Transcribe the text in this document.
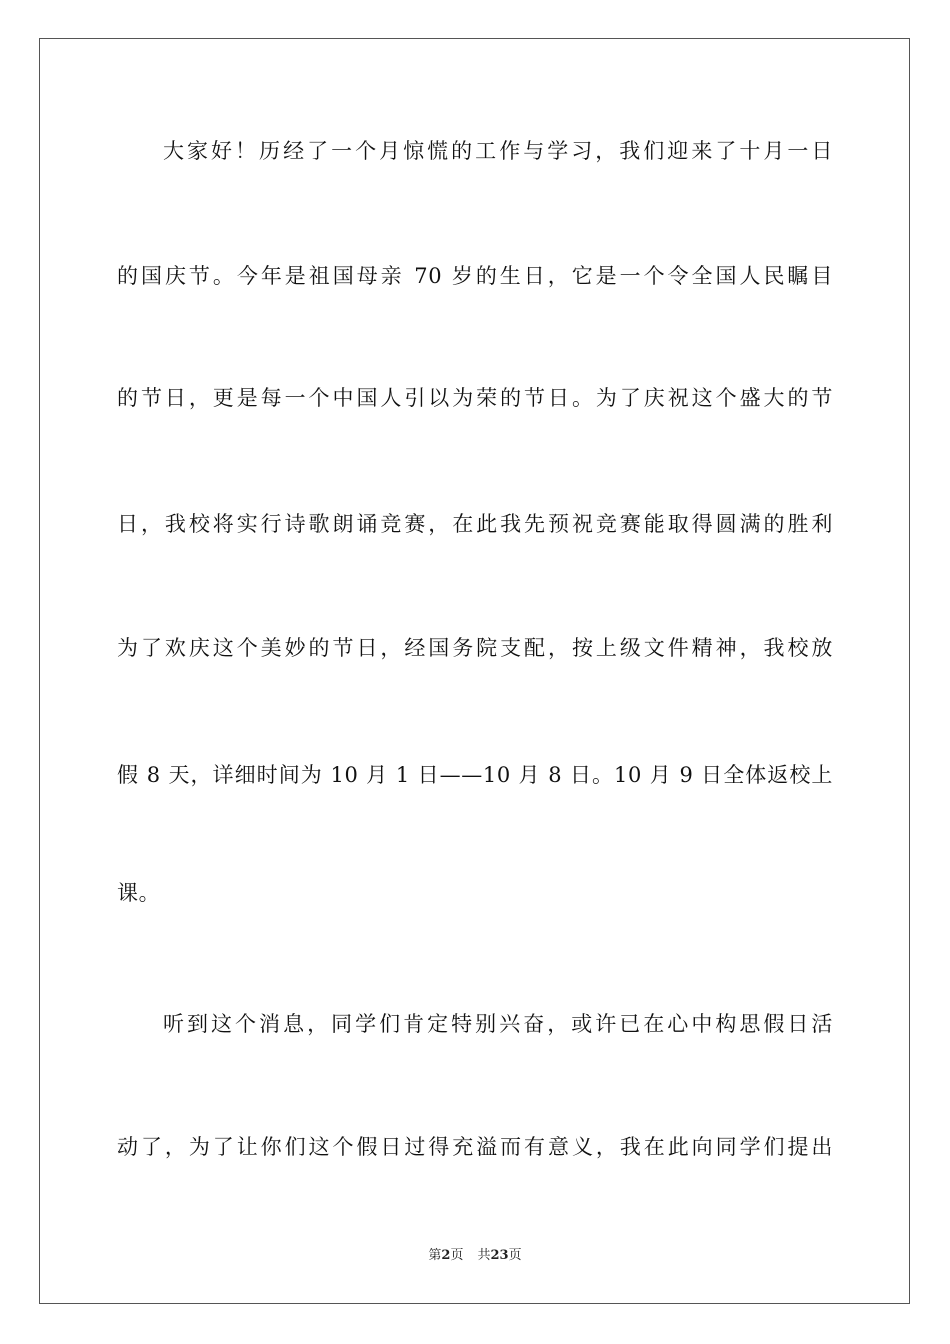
大家好！历经了一个月惊慌的工作与学习，我们迎来了十月一日
的国庆节。今年是祖国母亲 70 岁的生日，它是一个令全国人民瞩目
的节日，更是每一个中国人引以为荣的节日。为了庆祝这个盛大的节
日，我校将实行诗歌朗诵竞赛，在此我先预祝竞赛能取得圆满的胜利
为了欢庆这个美妙的节日，经国务院支配，按上级文件精神，我校放
假 8 天，详细时间为 10 月 1 日——10 月 8 日。10 月 9 日全体返校上
课。
听到这个消息，同学们肯定特别兴奋，或许已在心中构思假日活
动了，为了让你们这个假日过得充溢而有意义，我在此向同学们提出
第2页 共23页
